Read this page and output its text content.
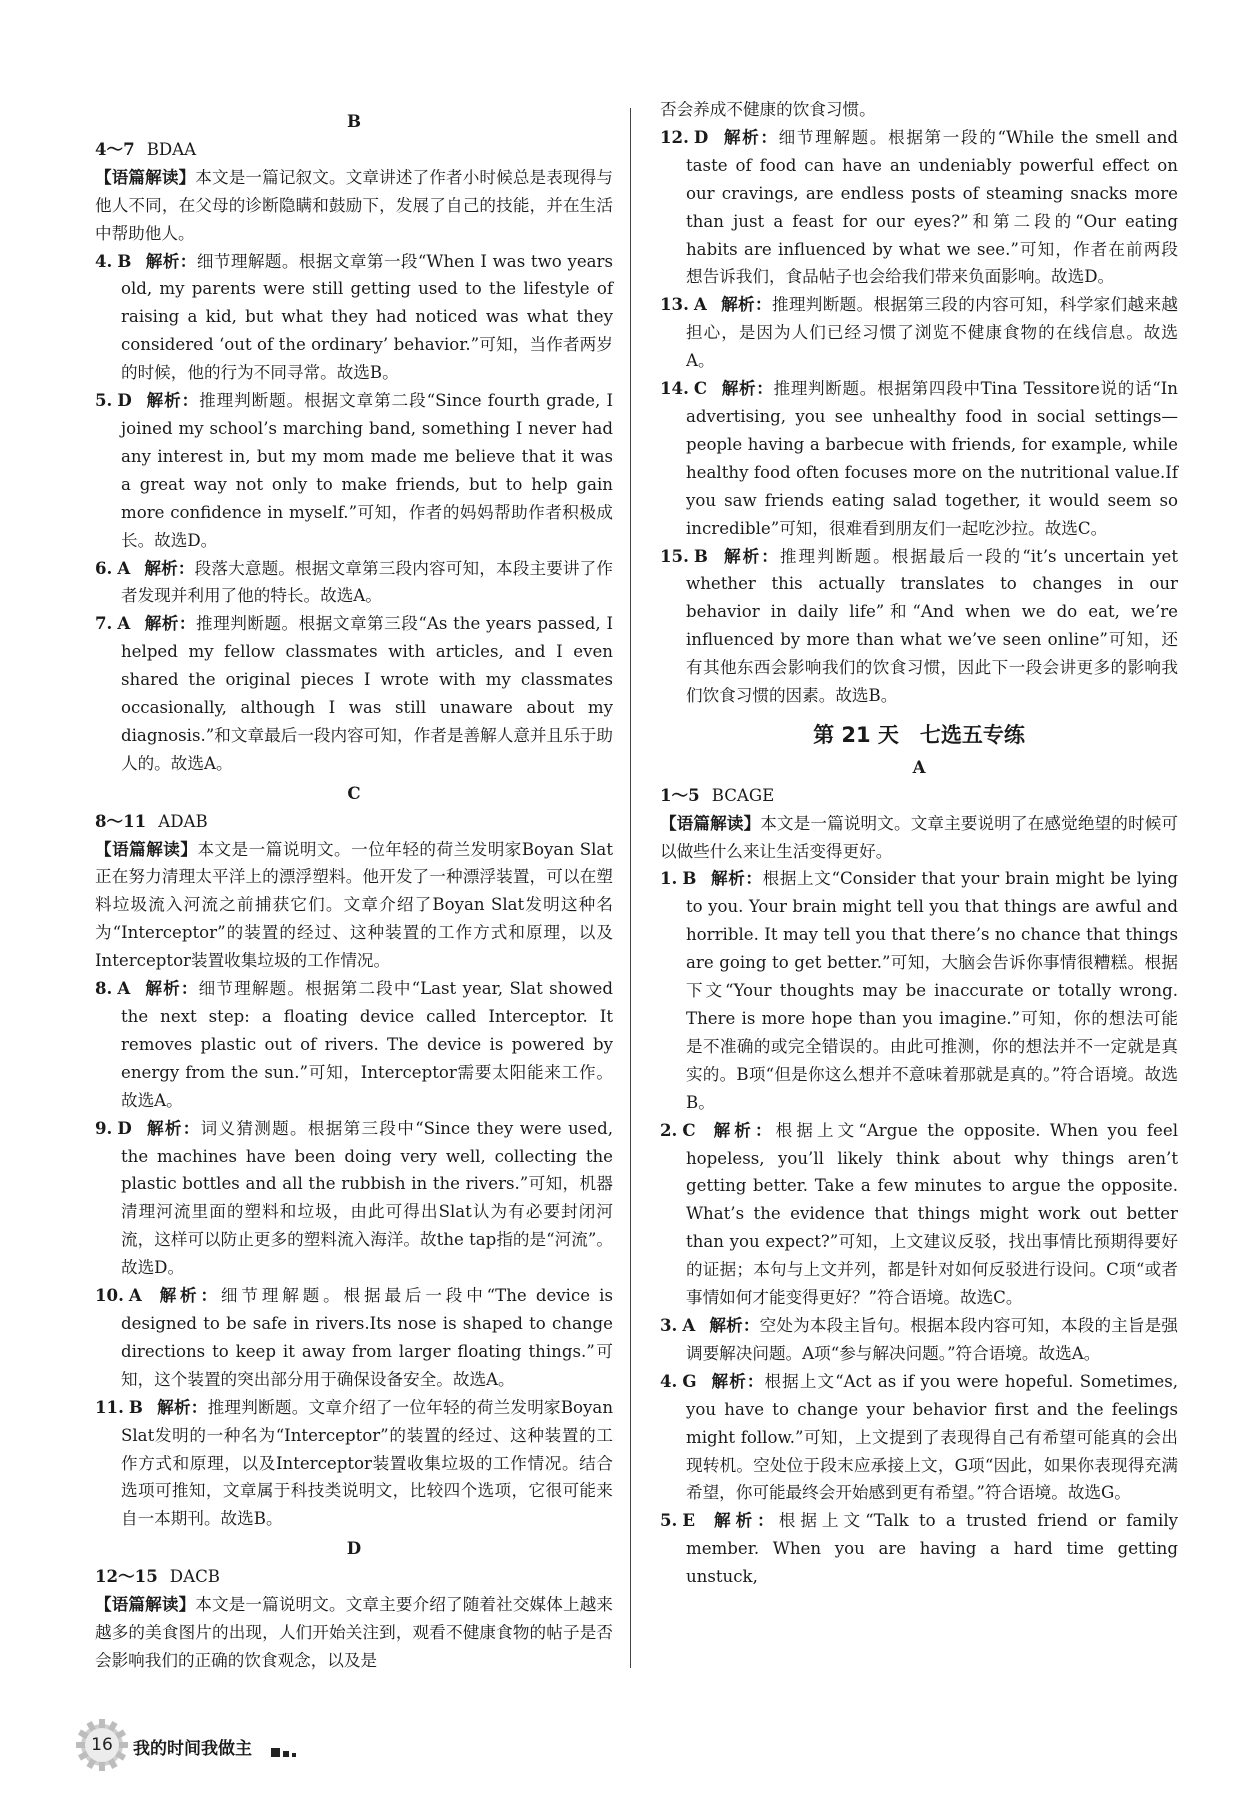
B

4～7 BDAA

【语篇解读】本文是一篇记叙文。文章讲述了作者小时候总是表现得与他人不同，在父母的诊断隐瞒和鼓励下，发展了自己的技能，并在生活中帮助他人。

4. B 解析：细节理解题。根据文章第一段“When I was two years old, my parents were still getting used to the lifestyle of raising a kid, but what they had noticed was what they considered ‘out of the ordinary’ behavior.”可知，当作者两岁的时候，他的行为不同寻常。故选B。

5. D 解析：推理判断题。根据文章第二段“Since fourth grade, I joined my school’s marching band, something I never had any interest in, but my mom made me believe that it was a great way not only to make friends, but to help gain more confidence in myself.”可知，作者的妈妈帮助作者积极成长。故选D。

6. A 解析：段落大意题。根据文章第三段内容可知，本段主要讲了作者发现并利用了他的特长。故选A。

7. A 解析：推理判断题。根据文章第三段“As the years passed, I helped my fellow classmates with articles, and I even shared the original pieces I wrote with my classmates occasionally, although I was still unaware about my diagnosis.”和文章最后一段内容可知，作者是善解人意并且乐于助人的。故选A。

C

8～11 ADAB

【语篇解读】本文是一篇说明文。一位年轻的荷兰发明家Boyan Slat正在努力清理太平洋上的漂浮塑料。他开发了一种漂浮装置，可以在塑料垃圾流入河流之前捕获它们。文章介绍了Boyan Slat发明这种名为“Interceptor”的装置的经过、这种装置的工作方式和原理，以及Interceptor装置收集垃圾的工作情况。

8. A 解析：细节理解题。根据第二段中“Last year, Slat showed the next step: a floating device called Interceptor. It removes plastic out of rivers. The device is powered by energy from the sun.”可知，Interceptor需要太阳能来工作。故选A。

9. D 解析：词义猜测题。根据第三段中“Since they were used, the machines have been doing very well, collecting the plastic bottles and all the rubbish in the rivers.”可知，机器清理河流里面的塑料和垃圾，由此可得出Slat认为有必要封闭河流，这样可以防止更多的塑料流入海洋。故the tap指的是“河流”。故选D。

10. A 解析：细节理解题。根据最后一段中“The device is designed to be safe in rivers.Its nose is shaped to change directions to keep it away from larger floating things.”可知，这个装置的突出部分用于确保设备安全。故选A。

11. B 解析：推理判断题。文章介绍了一位年轻的荷兰发明家Boyan Slat发明的一种名为“Interceptor”的装置的经过、这种装置的工作方式和原理，以及Interceptor装置收集垃圾的工作情况。结合选项可推知，文章属于科技类说明文，比较四个选项，它很可能来自一本期刊。故选B。

D

12～15 DACB

【语篇解读】本文是一篇说明文。文章主要介绍了随着社交媒体上越来越多的美食图片的出现，人们开始关注到，观看不健康食物的帖子是否会影响我们的正确的饮食观念，以及是

否会养成不健康的饮食习惯。

12. D 解析：细节理解题。根据第一段的“While the smell and taste of food can have an undeniably powerful effect on our cravings, are endless posts of steaming snacks more than just a feast for our eyes?”和第二段的“Our eating habits are influenced by what we see.”可知，作者在前两段想告诉我们，食品帖子也会给我们带来负面影响。故选D。

13. A 解析：推理判断题。根据第三段的内容可知，科学家们越来越担心，是因为人们已经习惯了浏览不健康食物的在线信息。故选A。

14. C 解析：推理判断题。根据第四段中Tina Tessitore说的话“In advertising, you see unhealthy food in social settings—people having a barbecue with friends, for example, while healthy food often focuses more on the nutritional value.If you saw friends eating salad together, it would seem so incredible”可知，很难看到朋友们一起吃沙拉。故选C。

15. B 解析：推理判断题。根据最后一段的“it’s uncertain yet whether this actually translates to changes in our behavior in daily life”和“And when we do eat, we’re influenced by more than what we’ve seen online”可知，还有其他东西会影响我们的饮食习惯，因此下一段会讲更多的影响我们饮食习惯的因素。故选B。

第 21 天　七选五专练

A

1～5 BCAGE

【语篇解读】本文是一篇说明文。文章主要说明了在感觉绝望的时候可以做些什么来让生活变得更好。

1. B 解析：根据上文“Consider that your brain might be lying to you. Your brain might tell you that things are awful and horrible. It may tell you that there’s no chance that things are going to get better.”可知，大脑会告诉你事情很糟糕。根据下文“Your thoughts may be inaccurate or totally wrong. There is more hope than you imagine.”可知，你的想法可能是不准确的或完全错误的。由此可推测，你的想法并不一定就是真实的。B项“但是你这么想并不意味着那就是真的。”符合语境。故选B。

2. C 解析：根据上文“Argue the opposite. When you feel hopeless, you’ll likely think about why things aren’t getting better. Take a few minutes to argue the opposite. What’s the evidence that things might work out better than you expect?”可知，上文建议反驳，找出事情比预期得要好的证据；本句与上文并列，都是针对如何反驳进行设问。C项“或者事情如何才能变得更好？”符合语境。故选C。

3. A 解析：空处为本段主旨句。根据本段内容可知，本段的主旨是强调要解决问题。A项“参与解决问题。”符合语境。故选A。

4. G 解析：根据上文“Act as if you were hopeful. Sometimes, you have to change your behavior first and the feelings might follow.”可知，上文提到了表现得自己有希望可能真的会出现转机。空处位于段末应承接上文，G项“因此，如果你表现得充满希望，你可能最终会开始感到更有希望。”符合语境。故选G。

5. E 解析：根据上文“Talk to a trusted friend or family member. When you are having a hard time getting unstuck,

16	我的时间我做主
